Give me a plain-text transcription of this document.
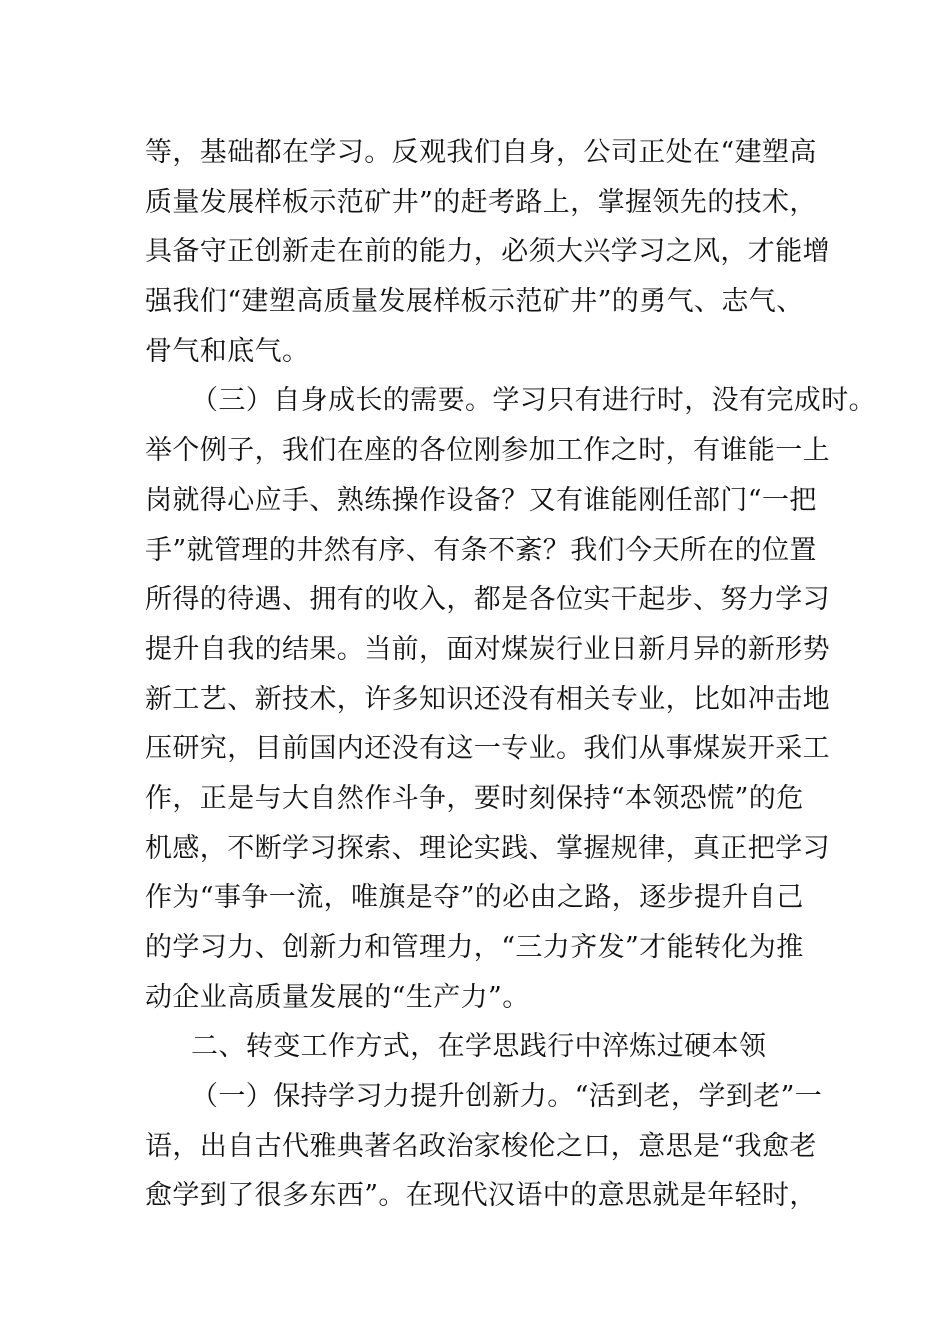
等，基础都在学习。反观我们自身，公司正处在“建塑高
质量发展样板示范矿井”的赶考路上，掌握领先的技术，
具备守正创新走在前的能力，必须大兴学习之风，才能增
强我们“建塑高质量发展样板示范矿井”的勇气、志气、
骨气和底气。
（三）自身成长的需要。学习只有进行时，没有完成时。
举个例子，我们在座的各位刚参加工作之时，有谁能一上
岗就得心应手、熟练操作设备？又有谁能刚任部门“一把
手”就管理的井然有序、有条不紊？我们今天所在的位置
所得的待遇、拥有的收入，都是各位实干起步、努力学习
提升自我的结果。当前，面对煤炭行业日新月异的新形势
新工艺、新技术，许多知识还没有相关专业，比如冲击地
压研究，目前国内还没有这一专业。我们从事煤炭开采工
作，正是与大自然作斗争，要时刻保持“本领恐慌”的危
机感，不断学习探索、理论实践、掌握规律，真正把学习
作为“事争一流，唯旗是夺”的必由之路，逐步提升自己
的学习力、创新力和管理力，“三力齐发”才能转化为推
动企业高质量发展的“生产力”。
二、转变工作方式，在学思践行中淬炼过硬本领
（一）保持学习力提升创新力。“活到老，学到老”一
语，出自古代雅典著名政治家梭伦之口，意思是“我愈老
愈学到了很多东西”。在现代汉语中的意思就是年轻时，
